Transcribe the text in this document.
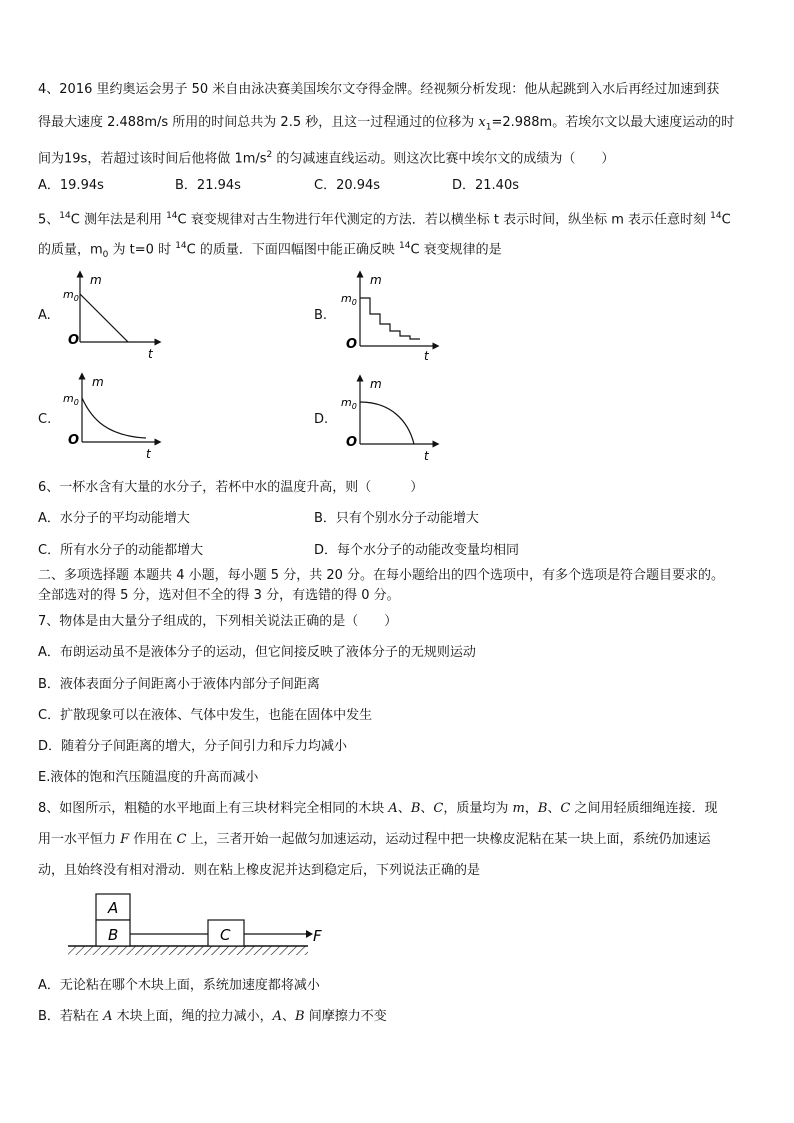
4、2016 里约奥运会男子 50 米自由泳决赛美国埃尔文夺得金牌。经视频分析发现：他从起跳到入水后再经过加速到获
得最大速度 2.488m/s 所用的时间总共为 2.5 秒，且这一过程通过的位移为 $x_1=2.988m$。若埃尔文以最大速度运动的时
间为19s，若超过该时间后他将做 $1m/s^2$ 的匀减速直线运动。则这次比赛中埃尔文的成绩为（　　）
A．19.94s	B．21.94s	C．20.94s	D．21.40s
5、$^{14}$C 测年法是利用 $^{14}$C 衰变规律对古生物进行年代测定的方法．若以横坐标 t 表示时间，纵坐标 m 表示任意时刻 $^{14}$C
的质量，$m_0$ 为 t=0 时 $^{14}$C 的质量．下面四幅图中能正确反映 $^{14}$C 衰变规律的是
A.	B.
C.	D.
m
$m_0$
O
t
m
$m_0$
O
t
m
$m_0$
O
t
m
$m_0$
O
t
6、一杯水含有大量的水分子，若杯中水的温度升高，则（　　　）
A．水分子的平均动能增大	B．只有个别水分子动能增大
C．所有水分子的动能都增大	D．每个水分子的动能改变量均相同
二、多项选择题 本题共 4 小题，每小题 5 分，共 20 分。在每小题给出的四个选项中，有多个选项是符合题目要求的。
全部选对的得 5 分，选对但不全的得 3 分，有选错的得 0 分。
7、物体是由大量分子组成的，下列相关说法正确的是（　　）
A．布朗运动虽不是液体分子的运动，但它间接反映了液体分子的无规则运动
B．液体表面分子间距离小于液体内部分子间距离
C．扩散现象可以在液体、气体中发生，也能在固体中发生
D．随着分子间距离的增大，分子间引力和斥力均减小
E.液体的饱和汽压随温度的升高而减小
8、如图所示，粗糙的水平地面上有三块材料完全相同的木块 A、B、C，质量均为 m，B、C 之间用轻质细绳连接．现
用一水平恒力 F 作用在 C 上，三者开始一起做匀加速运动，运动过程中把一块橡皮泥粘在某一块上面，系统仍加速运
动，且始终没有相对滑动．则在粘上橡皮泥并达到稳定后，下列说法正确的是
A
B	C	F
A．无论粘在哪个木块上面，系统加速度都将减小
B．若粘在 A 木块上面，绳的拉力减小，A、B 间摩擦力不变
